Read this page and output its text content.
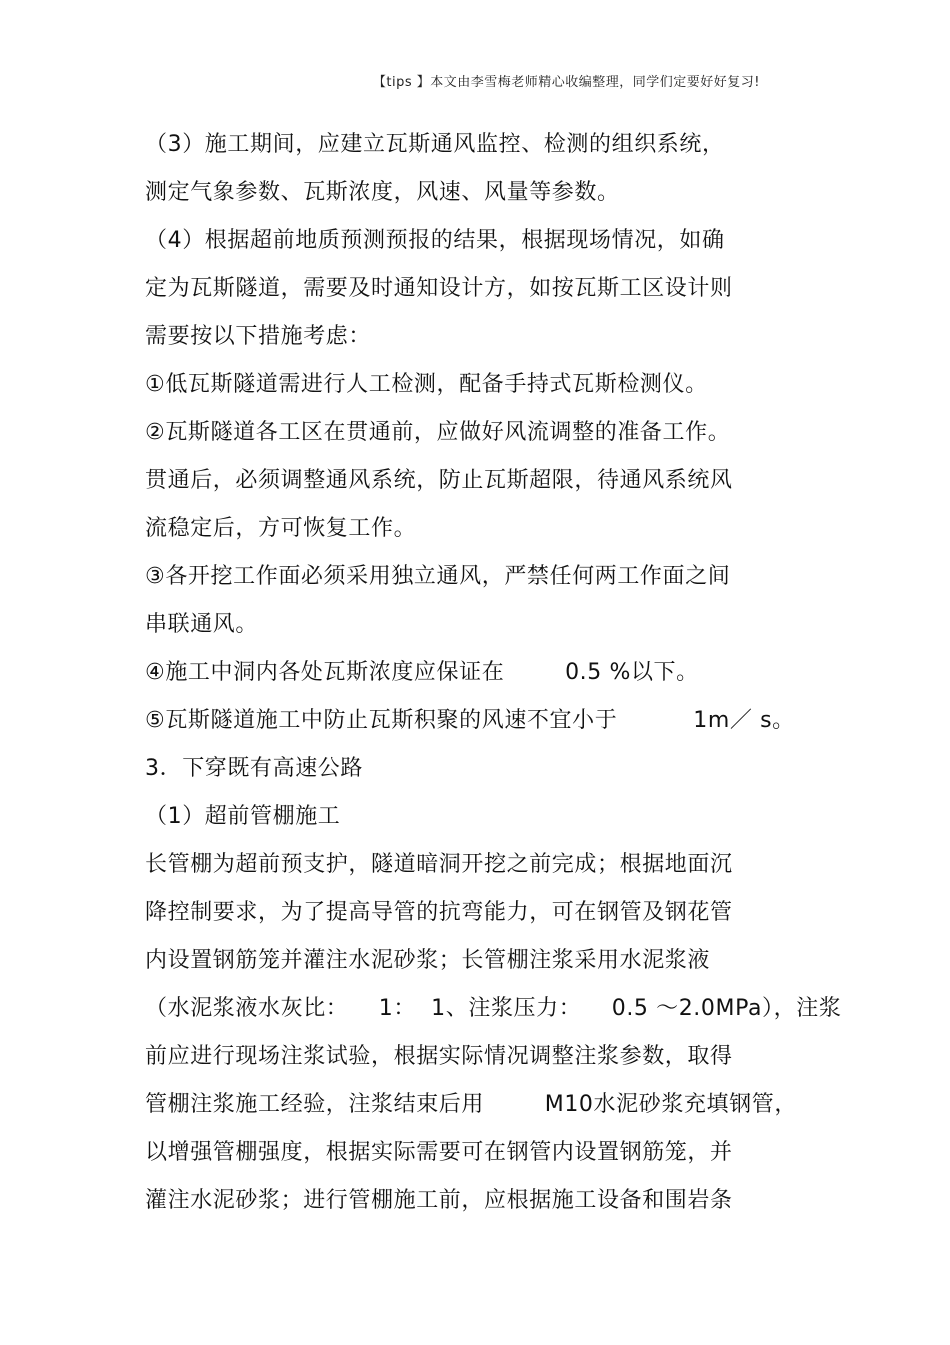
【tips 】本文由李雪梅老师精心收编整理，同学们定要好好复习!
（3）施工期间，应建立瓦斯通风监控、检测的组织系统，
测定气象参数、瓦斯浓度，风速、风量等参数。
（4）根据超前地质预测预报的结果，根据现场情况，如确
定为瓦斯隧道，需要及时通知设计方，如按瓦斯工区设计则
需要按以下措施考虑：
①低瓦斯隧道需进行人工检测，配备手持式瓦斯检测仪。
②瓦斯隧道各工区在贯通前，应做好风流调整的准备工作。
贯通后，必须调整通风系统，防止瓦斯超限，待通风系统风
流稳定后，方可恢复工作。
③各开挖工作面必须采用独立通风，严禁任何两工作面之间
串联通风。
④施工中洞内各处瓦斯浓度应保证在        0.5 %以下。
⑤瓦斯隧道施工中防止瓦斯积聚的风速不宜小于          1m／ s。
3．下穿既有高速公路
（1）超前管棚施工
长管棚为超前预支护，隧道暗洞开挖之前完成；根据地面沉
降控制要求，为了提高导管的抗弯能力，可在钢管及钢花管
内设置钢筋笼并灌注水泥砂浆；长管棚注浆采用水泥浆液
（水泥浆液水灰比：    1：  1、注浆压力：    0.5 ～2.0MPa），注浆
前应进行现场注浆试验，根据实际情况调整注浆参数，取得
管棚注浆施工经验，注浆结束后用        M10水泥砂浆充填钢管，
以增强管棚强度，根据实际需要可在钢管内设置钢筋笼，并
灌注水泥砂浆；进行管棚施工前，应根据施工设备和围岩条
